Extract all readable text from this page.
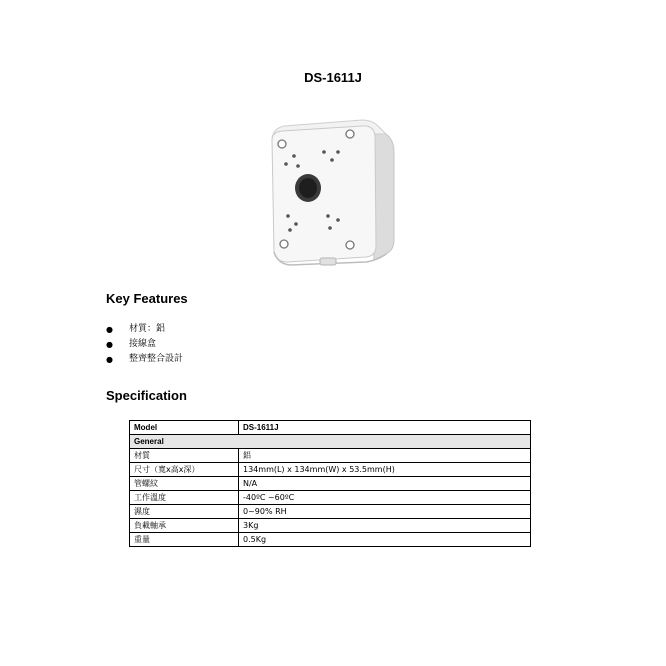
DS-1611J
Key Features
● 材質：鋁
● 接線盒
● 整齊整合設計
Specification
Model	DS-1611J
General	
材質	鋁
尺寸（寬x高x深）	134mm(L) x 134mm(W) x 53.5mm(H)
管螺紋	N/A
工作溫度	-40ºC ~60ºC
濕度	0~90% RH
負載軸承	3Kg
重量	0.5Kg
